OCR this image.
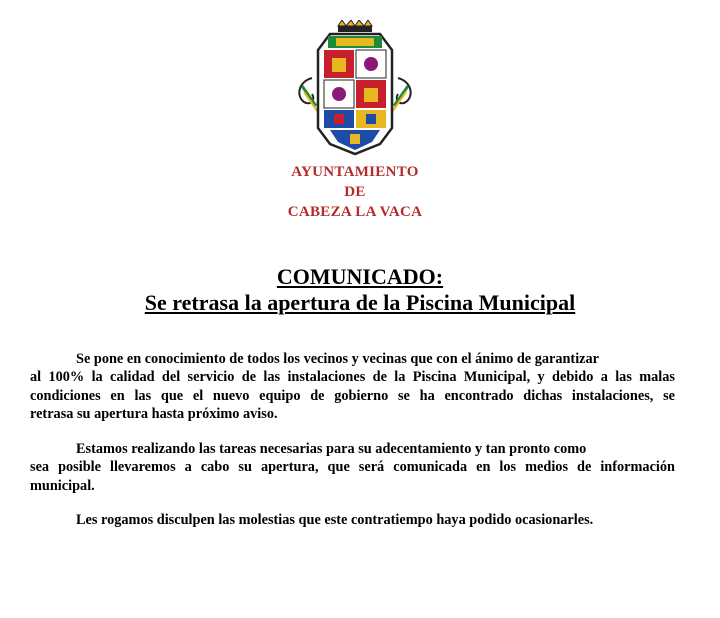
AYUNTAMIENTO
DE
CABEZA LA VACA
COMUNICADO:
Se retrasa la apertura de la Piscina Municipal
Se pone en conocimiento de todos los vecinos y vecinas que con el ánimo de garantizar
al 100% la calidad del servicio de las instalaciones de la Piscina Municipal, y debido a las malas
condiciones en las que el nuevo equipo de gobierno se ha encontrado dichas instalaciones, se
retrasa su apertura hasta próximo aviso.
Estamos realizando las tareas necesarias para su adecentamiento y tan pronto como
sea posible llevaremos a cabo su apertura, que será comunicada en los medios de información
municipal.
Les rogamos disculpen las molestias que este contratiempo haya podido ocasionarles.
